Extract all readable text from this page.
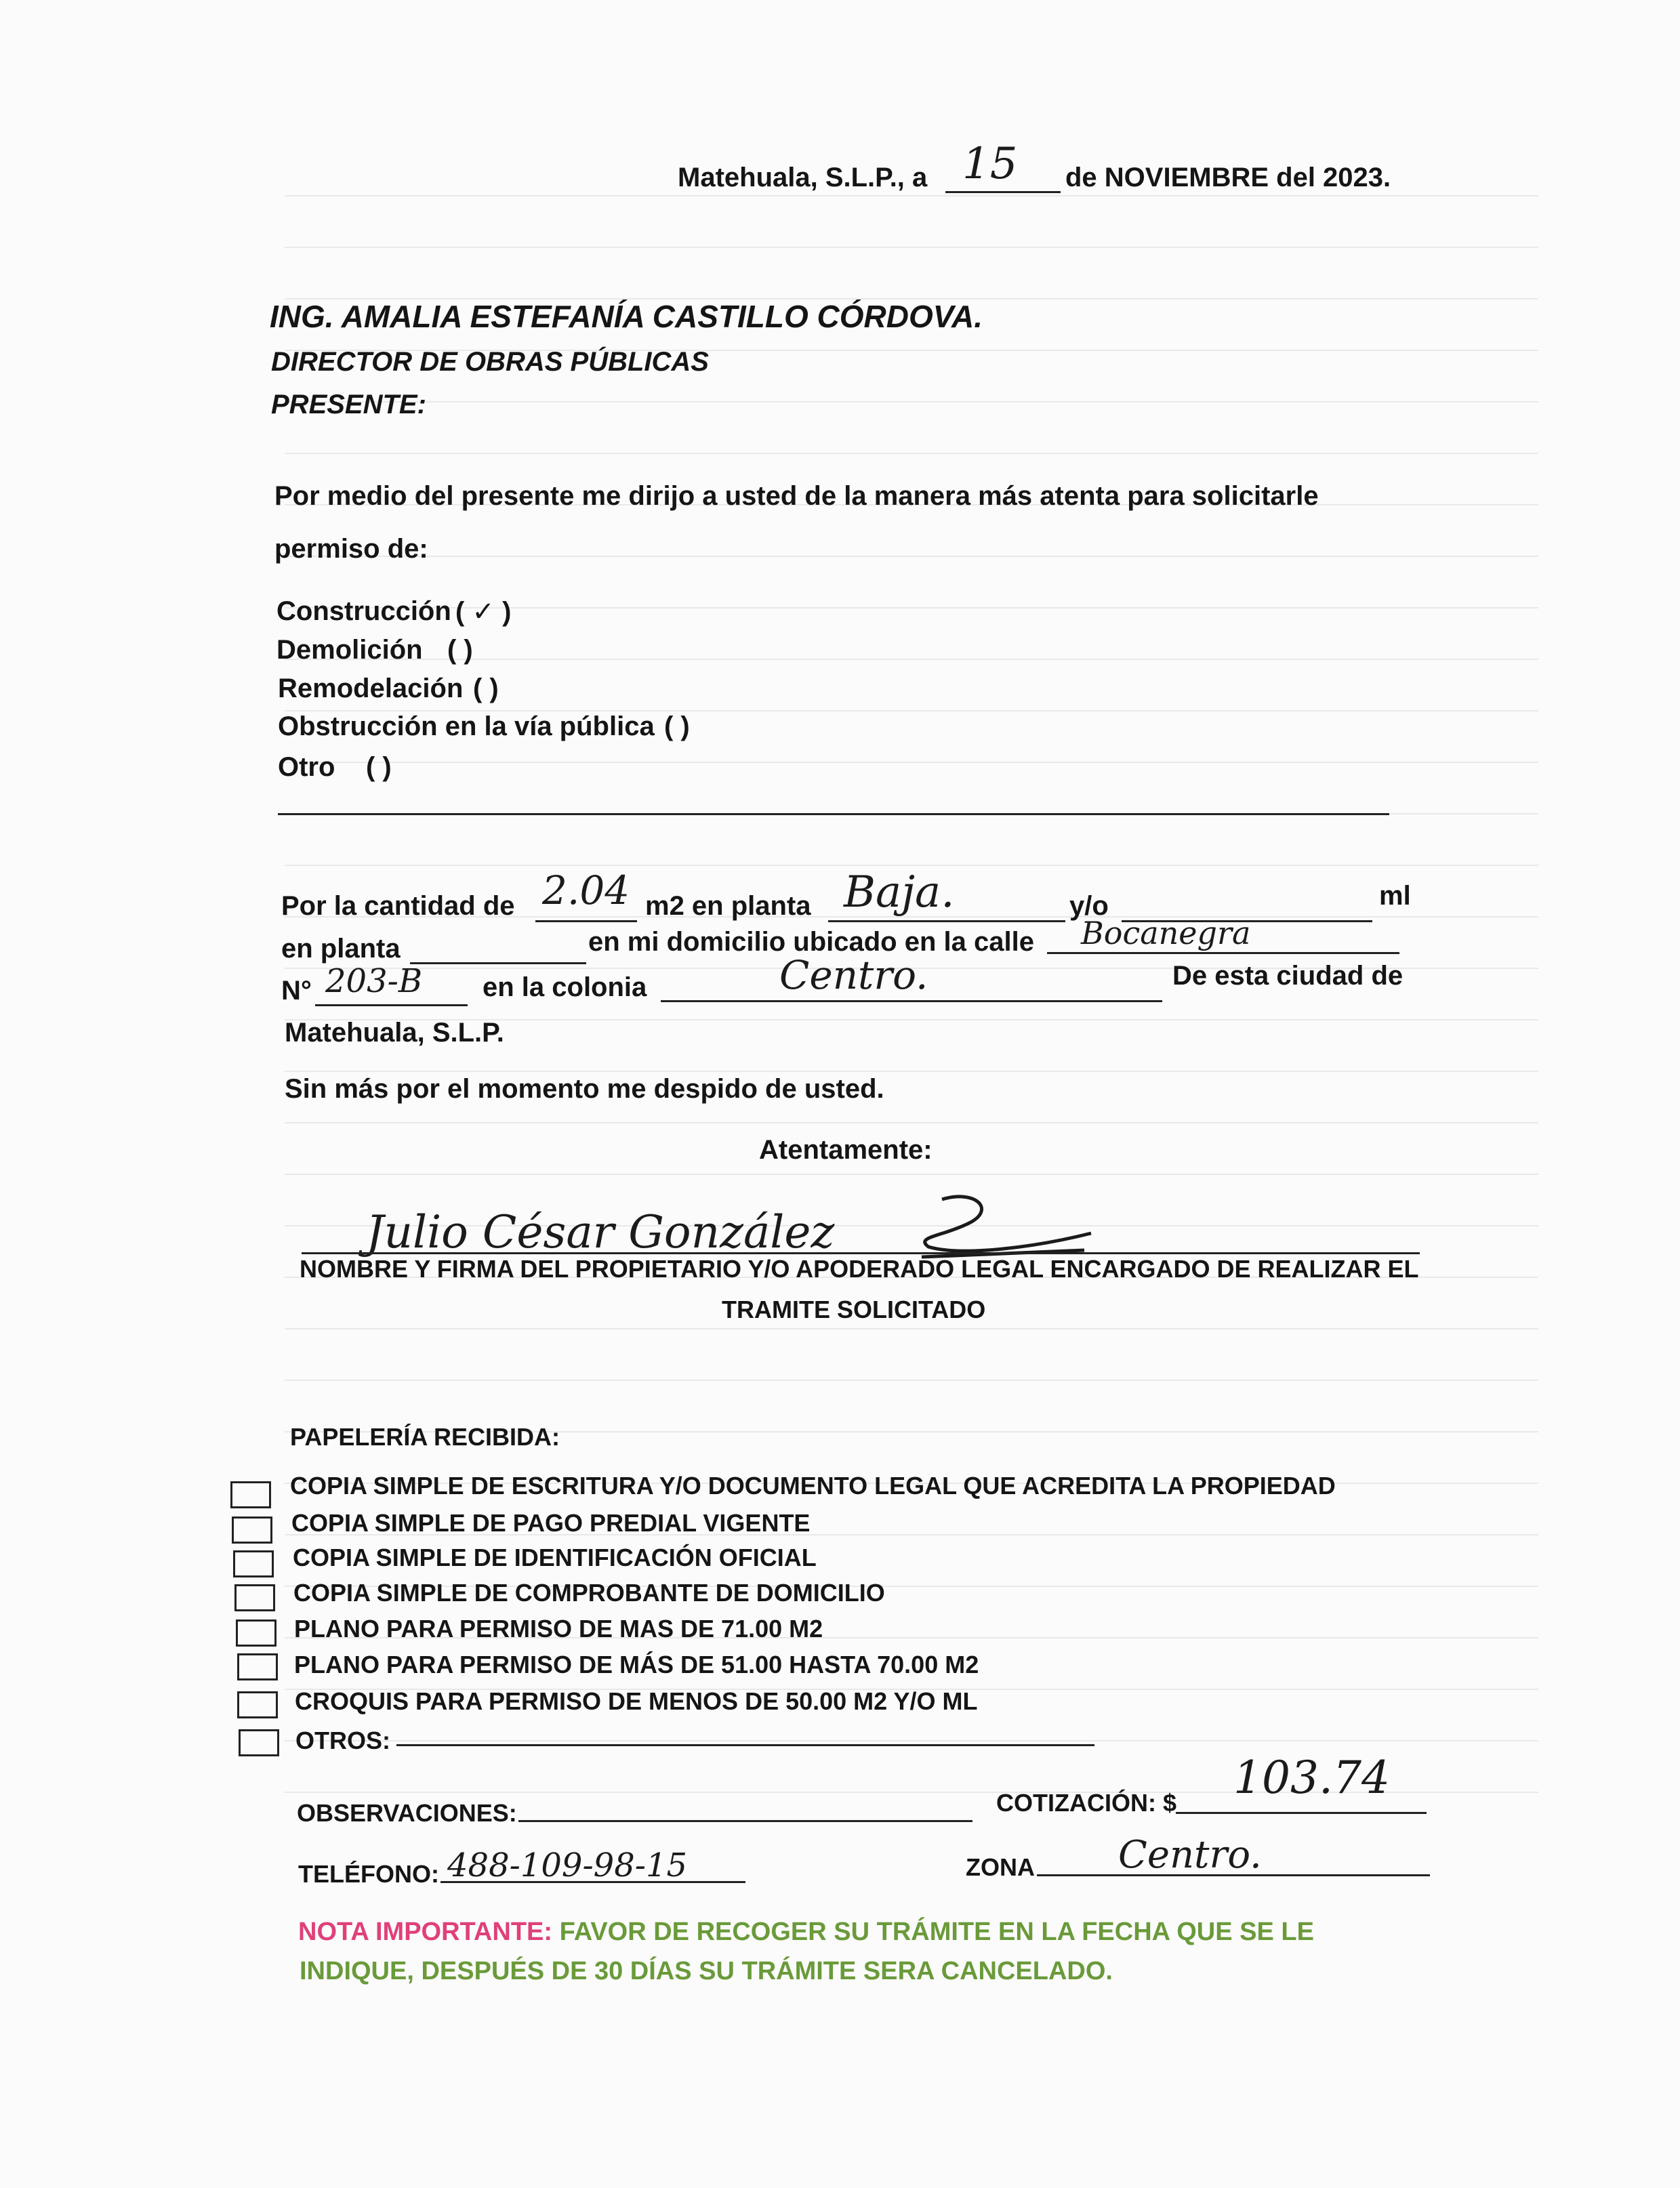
Matehuala, S.L.P., a 15 de NOVIEMBRE del 2023.
ING. AMALIA ESTEFANÍA CASTILLO CÓRDOVA.
DIRECTOR DE OBRAS PÚBLICAS
PRESENTE:
Por medio del presente me dirijo a usted de la manera más atenta para solicitarle
permiso de:
Construcción ( ✓ )
Demolición ( )
Remodelación ( )
Obstrucción en la vía pública ( )
Otro ( )
Por la cantidad de 2.04 m2 en planta Baja.	y/o	ml
en planta	en mi domicilio ubicado en la calle Bocanegra
N° 203-B en la colonia	Centro.	De esta ciudad de
Matehuala, S.L.P.
Sin más por el momento me despido de usted.
Atentamente:
Julio César González
NOMBRE Y FIRMA DEL PROPIETARIO Y/O APODERADO LEGAL ENCARGADO DE REALIZAR EL
TRAMITE SOLICITADO
PAPELERÍA RECIBIDA:
COPIA SIMPLE DE ESCRITURA Y/O DOCUMENTO LEGAL QUE ACREDITA LA PROPIEDAD
COPIA SIMPLE DE PAGO PREDIAL VIGENTE
COPIA SIMPLE DE IDENTIFICACIÓN OFICIAL
COPIA SIMPLE DE COMPROBANTE DE DOMICILIO
PLANO PARA PERMISO DE MAS DE 71.00 M2
PLANO PARA PERMISO DE MÁS DE 51.00 HASTA 70.00 M2
CROQUIS PARA PERMISO DE MENOS DE 50.00 M2 Y/O ML
OTROS:
OBSERVACIONES:	COTIZACIÓN: $ 103.74
TELÉFONO: 488-109-98-15	ZONA Centro.
NOTA IMPORTANTE: FAVOR DE RECOGER SU TRÁMITE EN LA FECHA QUE SE LE
INDIQUE, DESPUÉS DE 30 DÍAS SU TRÁMITE SERA CANCELADO.
